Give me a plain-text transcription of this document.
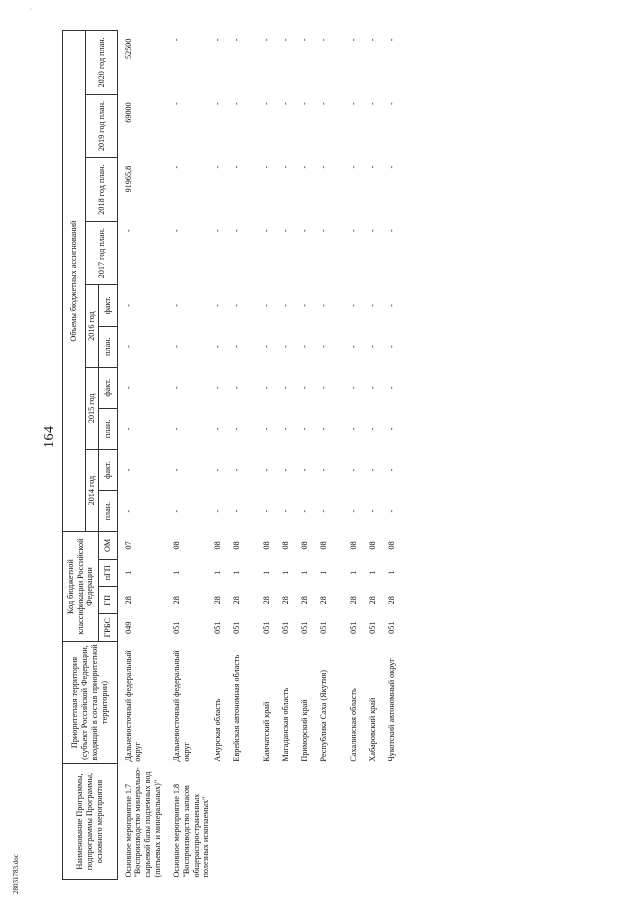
·
164
28031783.doc
Наименование Программы, подпрограммы Программы, основного мероприятия	Приоритетная территория (субъект Российской Федерации, входящий в состав приоритетной территории)	Код бюджетной классификации Российской Федерации				Объемы бюджетных ассигнований									
						2014 год		2015 год		2016 год		2017 год план.	2018 год план.	2019 год план.	2020 год план.
		ГРБС	ГП	пГП	ОМ	план.	факт.	план.	факт.	план.	факт.				
Основное мероприятие 1.7 "Воспроизводство минерально-сырьевой базы подземных вод (питьевых и минеральных)"	Дальневосточный федеральный округ	049	28	1	07	-	-	-	-	-	-	-	91965,8	69000	52500

Основное мероприятие 1.8 "Воспроизводство запасов общераспространенных полезных ископаемых"	Дальневосточный федеральный округ	051	28	1	08	-	-	-	-	-	-	-	-	-	-
	Амурская область	051	28	1	08	-	-	-	-	-	-	-	-	-	-
	Еврейская автономная область	051	28	1	08	-	-	-	-	-	-	-	-	-	-
	Камчатский край	051	28	1	08	-	-	-	-	-	-	-	-	-	-
	Магаданская область	051	28	1	08	-	-	-	-	-	-	-	-	-	-
	Приморский край	051	28	1	08	-	-	-	-	-	-	-	-	-	-
	Республика Саха (Якутия)	051	28	1	08	-	-	-	-	-	-	-	-	-	-
	Сахалинская область	051	28	1	08	-	-	-	-	-	-	-	-	-	-
	Хабаровский край	051	28	1	08	-	-	-	-	-	-	-	-	-	-
	Чукотский автономный округ	051	28	1	08	-	-	-	-	-	-	-	-	-	-
